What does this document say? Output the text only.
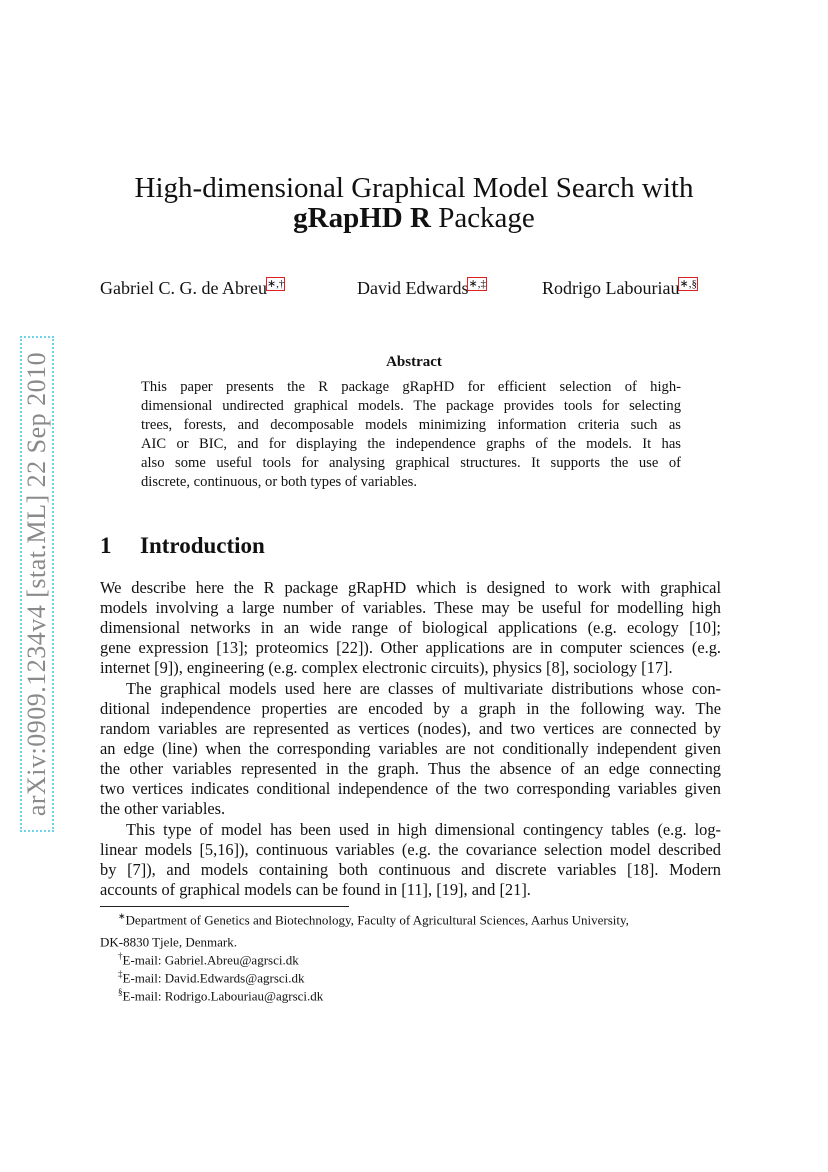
arXiv:0909.1234v4 [stat.ML] 22 Sep 2010
High-dimensional Graphical Model Search with
gRapHD R Package
Gabriel C. G. de Abreu∗,†	David Edwards∗,‡	Rodrigo Labouriau∗,§
Abstract
This paper presents the R package gRapHD for efficient selection of high-
dimensional undirected graphical models. The package provides tools for selecting
trees, forests, and decomposable models minimizing information criteria such as
AIC or BIC, and for displaying the independence graphs of the models. It has
also some useful tools for analysing graphical structures. It supports the use of
discrete, continuous, or both types of variables.
1 Introduction
We describe here the R package gRapHD which is designed to work with graphical
models involving a large number of variables. These may be useful for modelling high
dimensional networks in an wide range of biological applications (e.g. ecology [10];
gene expression [13]; proteomics [22]). Other applications are in computer sciences (e.g.
internet [9]), engineering (e.g. complex electronic circuits), physics [8], sociology [17].
The graphical models used here are classes of multivariate distributions whose con-
ditional independence properties are encoded by a graph in the following way. The
random variables are represented as vertices (nodes), and two vertices are connected by
an edge (line) when the corresponding variables are not conditionally independent given
the other variables represented in the graph. Thus the absence of an edge connecting
two vertices indicates conditional independence of the two corresponding variables given
the other variables.
This type of model has been used in high dimensional contingency tables (e.g. log-
linear models [5,16]), continuous variables (e.g. the covariance selection model described
by [7]), and models containing both continuous and discrete variables [18]. Modern
accounts of graphical models can be found in [11], [19], and [21].
∗Department of Genetics and Biotechnology, Faculty of Agricultural Sciences, Aarhus University,
DK-8830 Tjele, Denmark.
†E-mail: Gabriel.Abreu@agrsci.dk
‡E-mail: David.Edwards@agrsci.dk
§E-mail: Rodrigo.Labouriau@agrsci.dk
